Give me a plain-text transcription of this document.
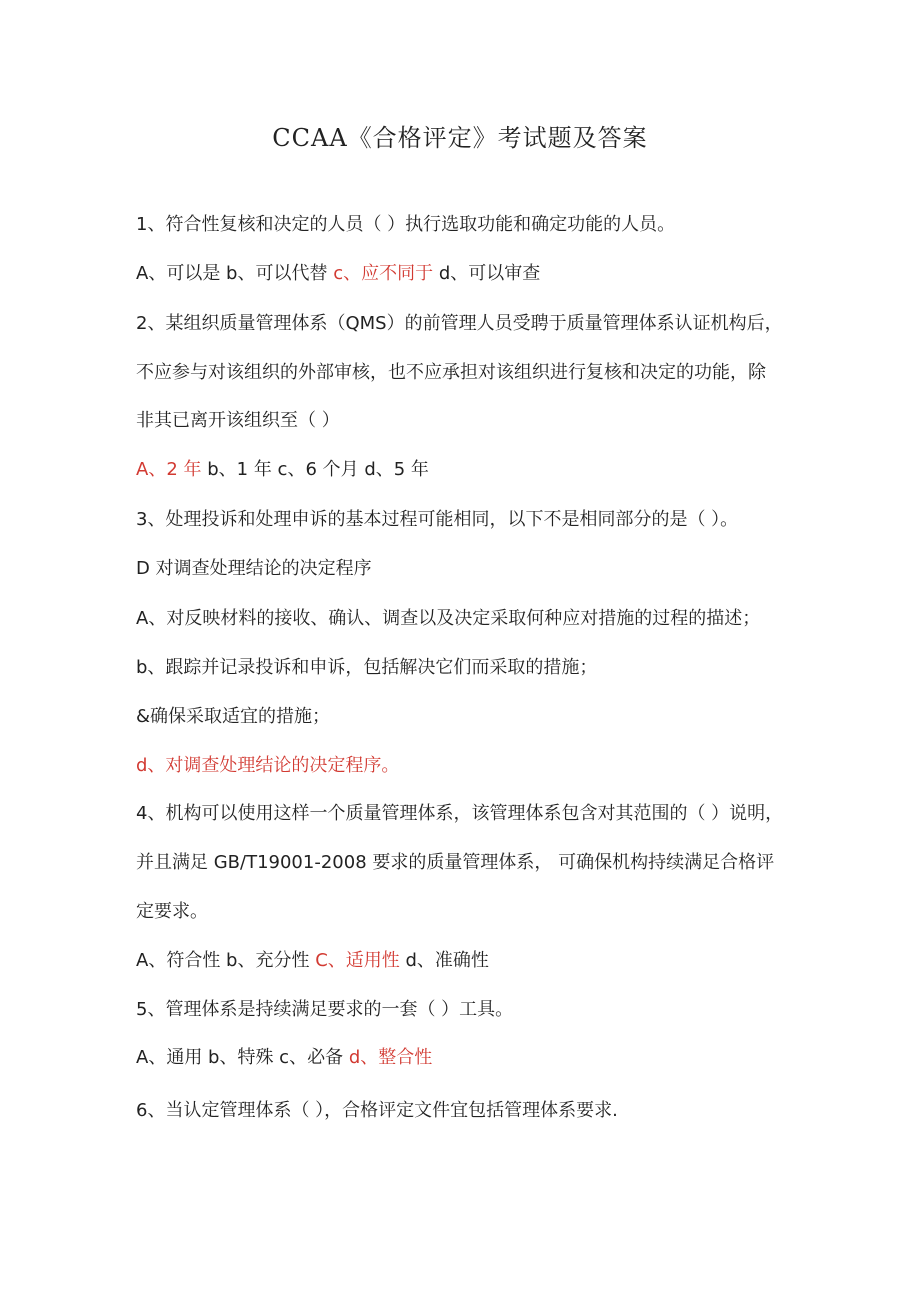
CCAA《合格评定》考试题及答案
1、符合性复核和决定的人员（ ）执行选取功能和确定功能的人员。
A、可以是 b、可以代替 c、应不同于 d、可以审查
2、某组织质量管理体系（QMS）的前管理人员受聘于质量管理体系认证机构后，
不应参与对该组织的外部审核，也不应承担对该组织进行复核和决定的功能，除
非其已离开该组织至（ ）
A、2 年 b、1 年 c、6 个月 d、5 年
3、处理投诉和处理申诉的基本过程可能相同，以下不是相同部分的是（ ）。
D 对调查处理结论的决定程序
A、对反映材料的接收、确认、调查以及决定采取何种应对措施的过程的描述；
b、跟踪并记录投诉和申诉，包括解决它们而采取的措施；
&确保采取适宜的措施；
d、对调查处理结论的决定程序。
4、机构可以使用这样一个质量管理体系，该管理体系包含对其范围的（ ）说明，
并且满足 GB/T19001-2008 要求的质量管理体系， 可确保机构持续满足合格评
定要求。
A、符合性 b、充分性 C、适用性 d、准确性
5、管理体系是持续满足要求的一套（ ）工具。
A、通用 b、特殊 c、必备 d、整合性
6、当认定管理体系（ ），合格评定文件宜包括管理体系要求.
